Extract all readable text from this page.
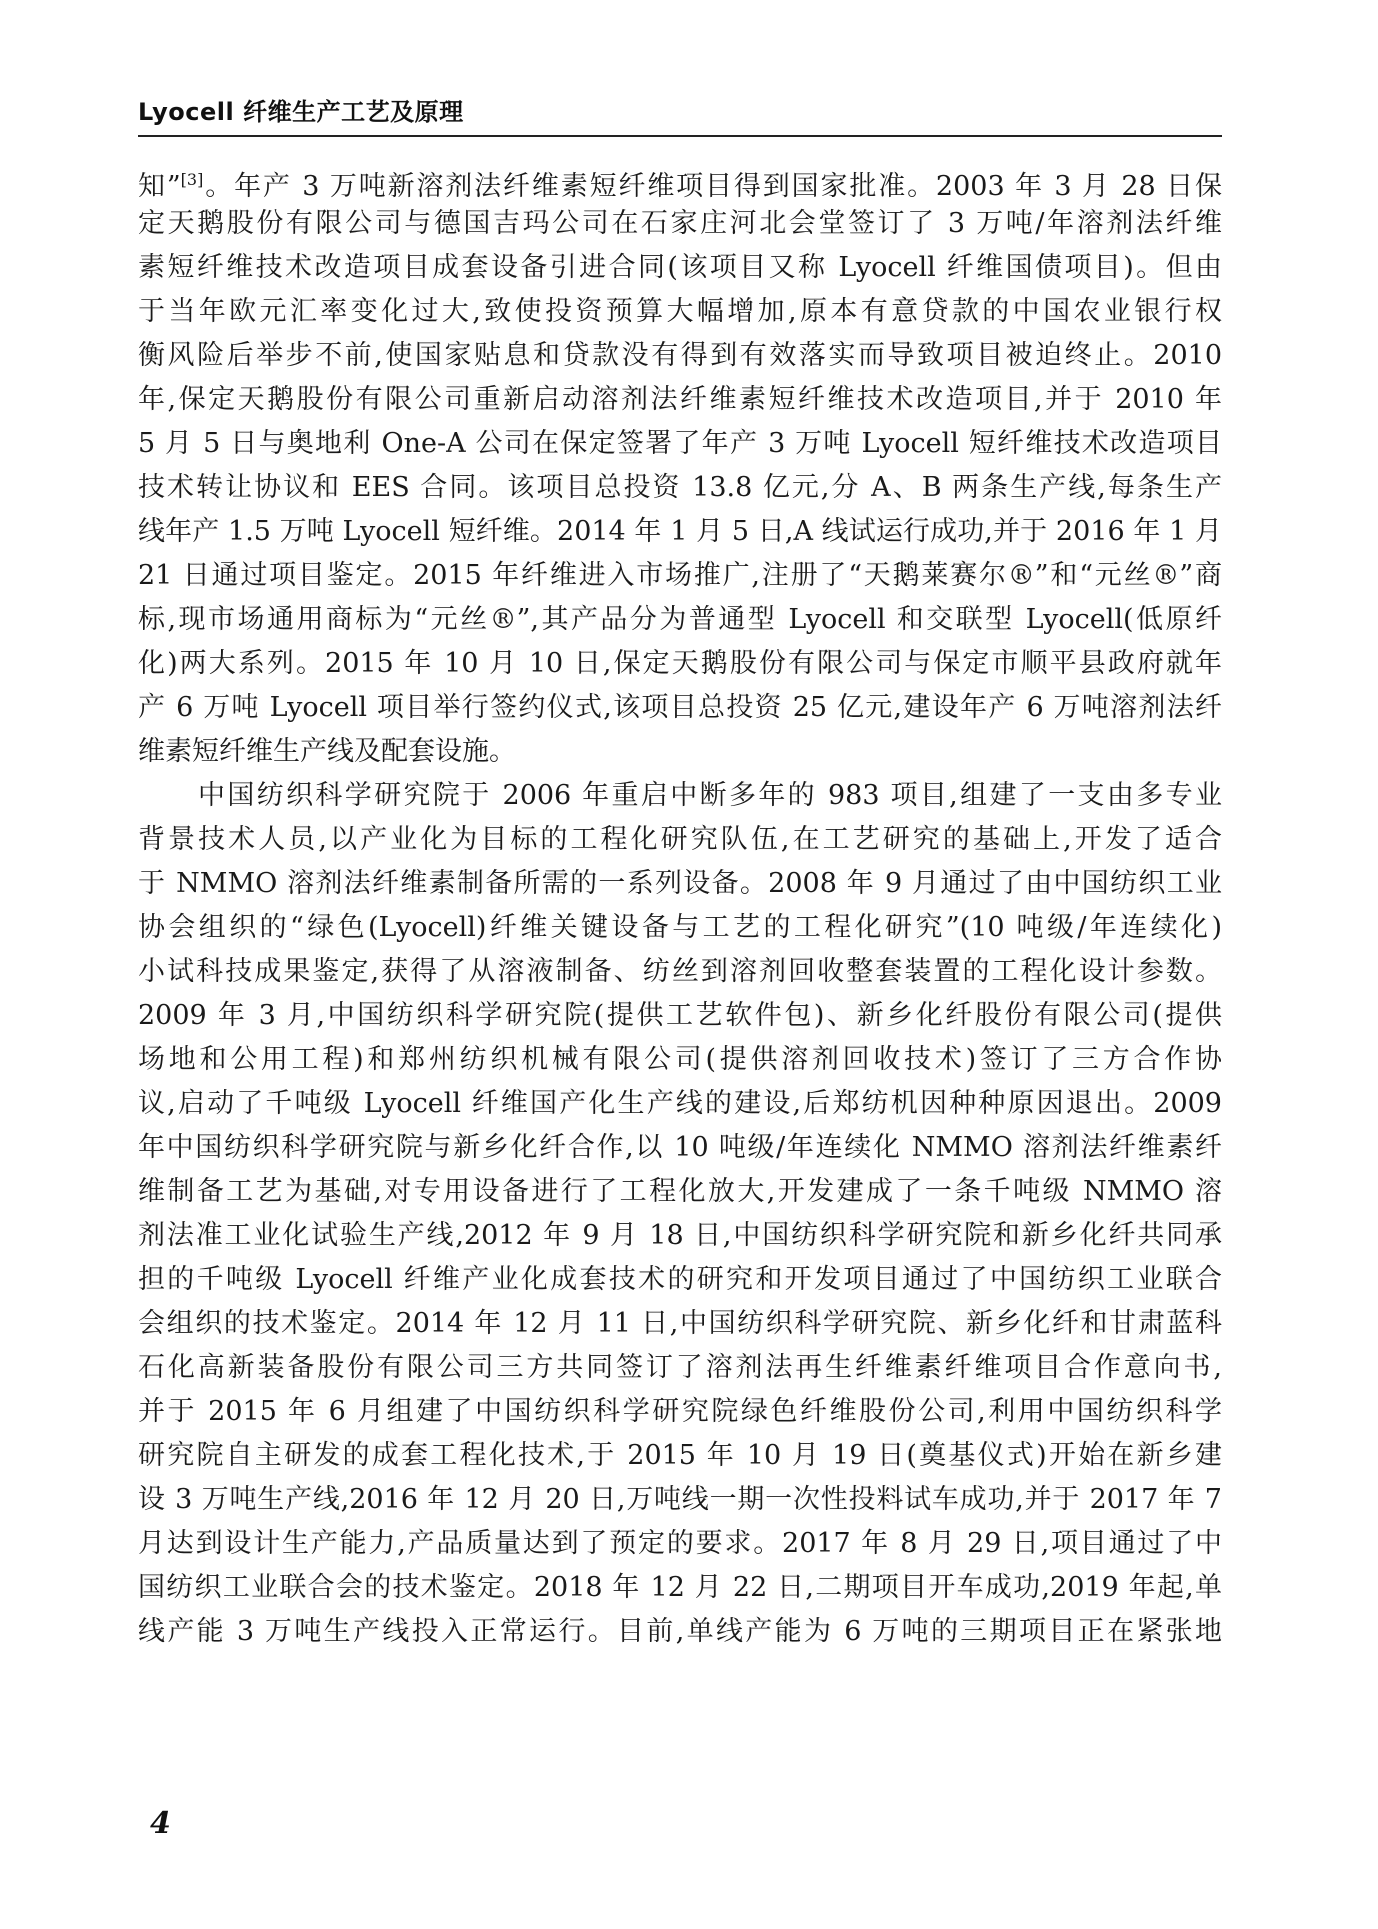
Lyocell 纤维生产工艺及原理
知”[3]。年产 3 万吨新溶剂法纤维素短纤维项目得到国家批准。2003 年 3 月 28 日保
定天鹅股份有限公司与德国吉玛公司在石家庄河北会堂签订了 3 万吨/年溶剂法纤维
素短纤维技术改造项目成套设备引进合同(该项目又称 Lyocell 纤维国债项目)。但由
于当年欧元汇率变化过大,致使投资预算大幅增加,原本有意贷款的中国农业银行权
衡风险后举步不前,使国家贴息和贷款没有得到有效落实而导致项目被迫终止。2010
年,保定天鹅股份有限公司重新启动溶剂法纤维素短纤维技术改造项目,并于 2010 年
5 月 5 日与奥地利 One-A 公司在保定签署了年产 3 万吨 Lyocell 短纤维技术改造项目
技术转让协议和 EES 合同。该项目总投资 13.8 亿元,分 A、B 两条生产线,每条生产
线年产 1.5 万吨 Lyocell 短纤维。2014 年 1 月 5 日,A 线试运行成功,并于 2016 年 1 月
21 日通过项目鉴定。2015 年纤维进入市场推广,注册了“天鹅莱赛尔®”和“元丝®”商
标,现市场通用商标为“元丝®”,其产品分为普通型 Lyocell 和交联型 Lyocell(低原纤
化)两大系列。2015 年 10 月 10 日,保定天鹅股份有限公司与保定市顺平县政府就年
产 6 万吨 Lyocell 项目举行签约仪式,该项目总投资 25 亿元,建设年产 6 万吨溶剂法纤
维素短纤维生产线及配套设施。
中国纺织科学研究院于 2006 年重启中断多年的 983 项目,组建了一支由多专业
背景技术人员,以产业化为目标的工程化研究队伍,在工艺研究的基础上,开发了适合
于 NMMO 溶剂法纤维素制备所需的一系列设备。2008 年 9 月通过了由中国纺织工业
协会组织的“绿色(Lyocell)纤维关键设备与工艺的工程化研究”(10 吨级/年连续化)
小试科技成果鉴定,获得了从溶液制备、纺丝到溶剂回收整套装置的工程化设计参数。
2009 年 3 月,中国纺织科学研究院(提供工艺软件包)、新乡化纤股份有限公司(提供
场地和公用工程)和郑州纺织机械有限公司(提供溶剂回收技术)签订了三方合作协
议,启动了千吨级 Lyocell 纤维国产化生产线的建设,后郑纺机因种种原因退出。2009
年中国纺织科学研究院与新乡化纤合作,以 10 吨级/年连续化 NMMO 溶剂法纤维素纤
维制备工艺为基础,对专用设备进行了工程化放大,开发建成了一条千吨级 NMMO 溶
剂法准工业化试验生产线,2012 年 9 月 18 日,中国纺织科学研究院和新乡化纤共同承
担的千吨级 Lyocell 纤维产业化成套技术的研究和开发项目通过了中国纺织工业联合
会组织的技术鉴定。2014 年 12 月 11 日,中国纺织科学研究院、新乡化纤和甘肃蓝科
石化高新装备股份有限公司三方共同签订了溶剂法再生纤维素纤维项目合作意向书,
并于 2015 年 6 月组建了中国纺织科学研究院绿色纤维股份公司,利用中国纺织科学
研究院自主研发的成套工程化技术,于 2015 年 10 月 19 日(奠基仪式)开始在新乡建
设 3 万吨生产线,2016 年 12 月 20 日,万吨线一期一次性投料试车成功,并于 2017 年 7
月达到设计生产能力,产品质量达到了预定的要求。2017 年 8 月 29 日,项目通过了中
国纺织工业联合会的技术鉴定。2018 年 12 月 22 日,二期项目开车成功,2019 年起,单
线产能 3 万吨生产线投入正常运行。目前,单线产能为 6 万吨的三期项目正在紧张地
4
